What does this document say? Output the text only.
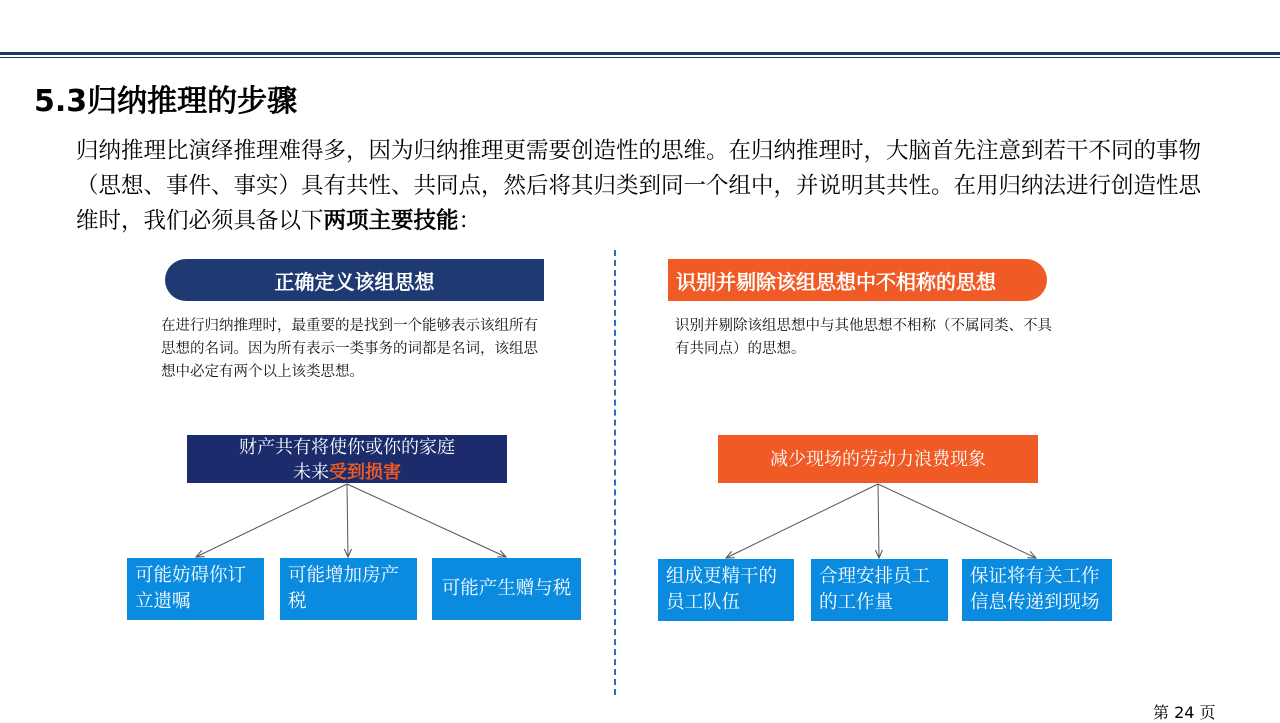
5.3归纳推理的步骤
归纳推理比演绎推理难得多，因为归纳推理更需要创造性的思维。在归纳推理时，大脑首先注意到若干不同的事物（思想、事件、事实）具有共性、共同点，然后将其归类到同一个组中，并说明其共性。在用归纳法进行创造性思维时，我们必须具备以下两项主要技能：
正确定义该组思想
在进行归纳推理时，最重要的是找到一个能够表示该组所有思想的名词。因为所有表示一类事务的词都是名词，该组思想中必定有两个以上该类思想。
财产共有将使你或你的家庭
未来受到损害
可能妨碍你订立遗嘱
可能增加房产税
可能产生赠与税
识别并剔除该组思想中不相称的思想
识别并剔除该组思想中与其他思想不相称（不属同类、不具有共同点）的思想。
减少现场的劳动力浪费现象
组成更精干的员工队伍
合理安排员工的工作量
保证将有关工作信息传递到现场
第 24 页
